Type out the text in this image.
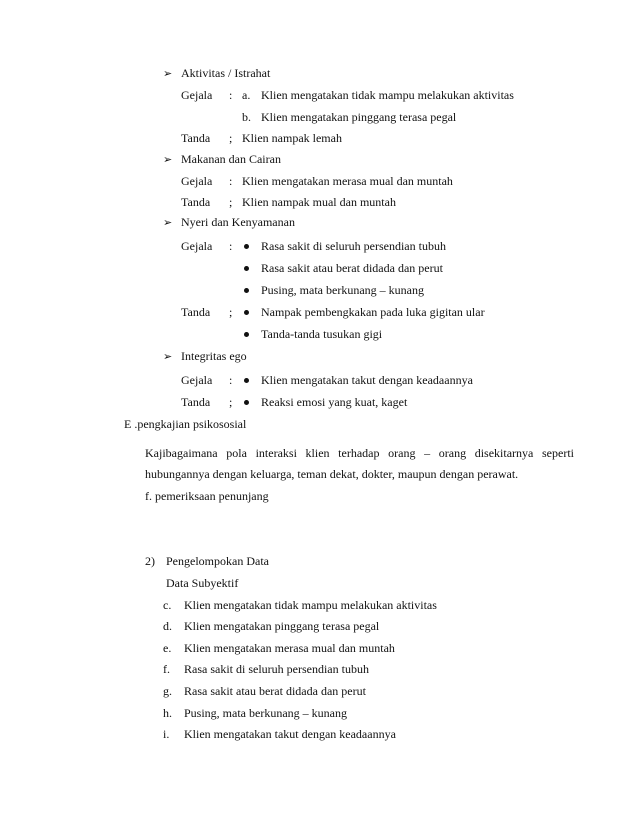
➢ Aktivitas / Istrahat
Gejala : a. Klien mengatakan tidak mampu melakukan aktivitas
b. Klien mengatakan pinggang terasa pegal
Tanda ; Klien nampak lemah
➢ Makanan dan Cairan
Gejala : Klien mengatakan merasa mual dan muntah
Tanda ; Klien nampak mual dan muntah
➢ Nyeri dan Kenyamanan
Gejala : Rasa sakit di seluruh persendian tubuh
Rasa sakit atau berat didada dan perut
Pusing, mata berkunang – kunang
Tanda ; Nampak pembengkakan pada luka gigitan ular
Tanda-tanda tusukan gigi
➢ Integritas ego
Gejala : Klien mengatakan takut dengan keadaannya
Tanda ; Reaksi emosi yang kuat, kaget
E .pengkajian psikososial
Kajibagaimana pola interaksi klien terhadap orang – orang disekitarnya seperti
hubungannya dengan keluarga, teman dekat, dokter, maupun dengan perawat.
f. pemeriksaan penunjang
2) Pengelompokan Data
Data Subyektif
c. Klien mengatakan tidak mampu melakukan aktivitas
d. Klien mengatakan pinggang terasa pegal
e. Klien mengatakan merasa mual dan muntah
f. Rasa sakit di seluruh persendian tubuh
g. Rasa sakit atau berat didada dan perut
h. Pusing, mata berkunang – kunang
i. Klien mengatakan takut dengan keadaannya
